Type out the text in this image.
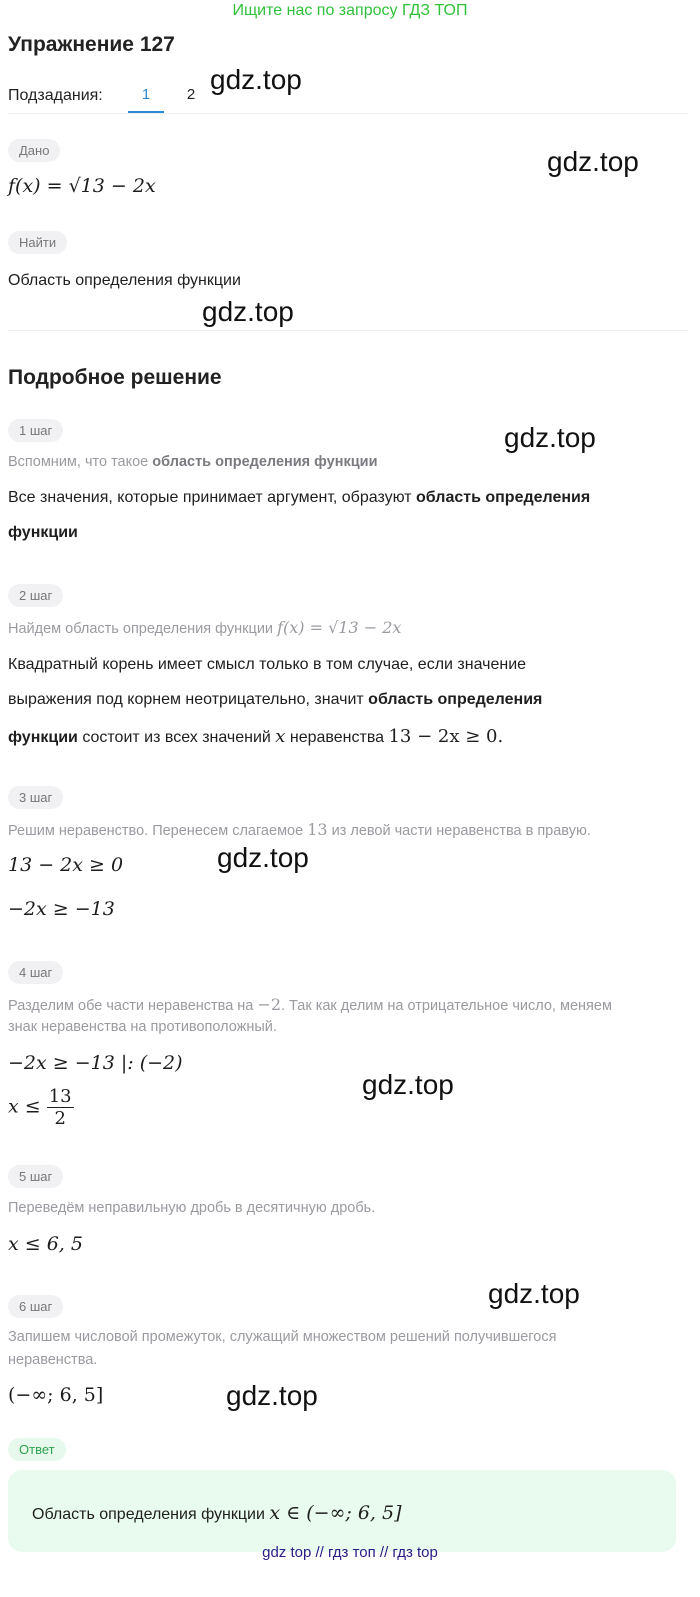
Ищите нас по запросу ГДЗ ТОП
Упражнение 127
Подзадания:	1	2
Дано
f(x) = √13 − 2x
Найти
Область определения функции
Подробное решение
1 шаг
Вспомним, что такое область определения функции
Все значения, которые принимает аргумент, образуют область определения
функции
2 шаг
Найдем область определения функции f(x) = √13 − 2x
Квадратный корень имеет смысл только в том случае, если значение
выражения под корнем неотрицательно, значит область определения
функции состоит из всех значений x неравенства 13 − 2x ≥ 0.
3 шаг
Решим неравенство. Перенесем слагаемое 13 из левой части неравенства в правую.
13 − 2x ≥ 0
−2x ≥ −13
4 шаг
Разделим обе части неравенства на −2. Так как делим на отрицательное число, меняем
знак неравенства на противоположный.
−2x ≥ −13 |: (−2)
$x \le \frac{13}{2}$
5 шаг
Переведём неправильную дробь в десятичную дробь.
x ≤ 6, 5
6 шаг
Запишем числовой промежуток, служащий множеством решений получившегося
неравенства.
(−∞; 6, 5]
Ответ
Область определения функции x ∈ (−∞; 6, 5]
gdz.top
gdz.top
gdz.top
gdz.top
gdz.top
gdz.top
gdz.top
gdz.top
gdz top // гдз топ // гдз top
